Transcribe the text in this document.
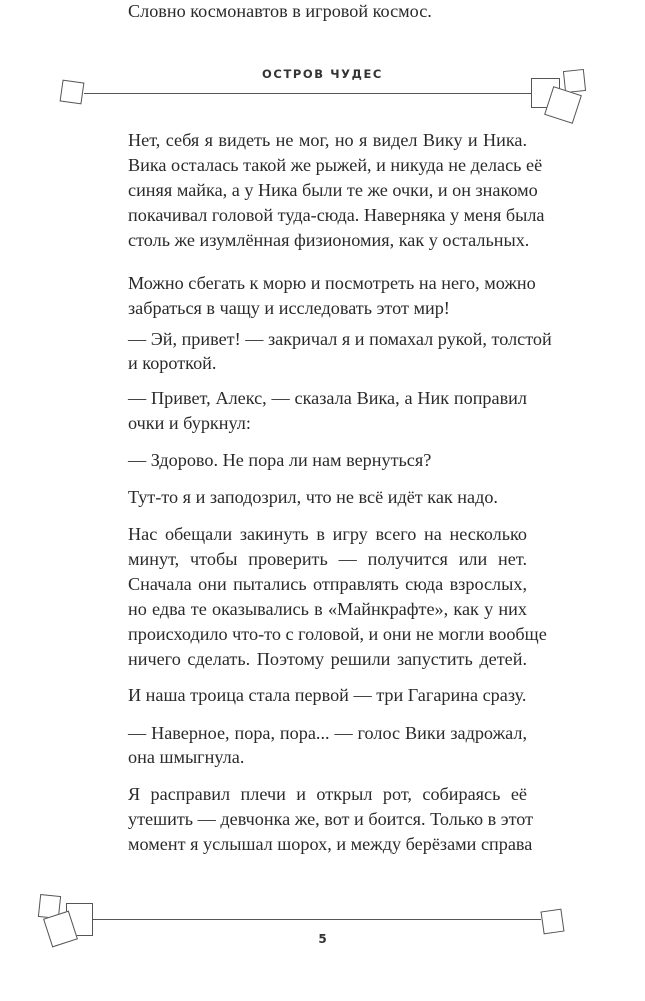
ОСТРОВ ЧУДЕС
Нет, себя я видеть не мог, но я видел Вику и Ника.
Вика осталась такой же рыжей, и никуда не делась её
синяя майка, а у Ника были те же очки, и он знакомо
покачивал головой туда-сюда. Наверняка у меня была
столь же изумлённая физиономия, как у остальных.
Можно сбегать к морю и посмотреть на него, можно
забраться в чащу и исследовать этот мир!
— Эй, привет! — закричал я и помахал рукой, толстой
и короткой.
— Привет, Алекс, — сказала Вика, а Ник поправил
очки и буркнул:
— Здорово. Не пора ли нам вернуться?
Тут-то я и заподозрил, что не всё идёт как надо.
Нас обещали закинуть в игру всего на несколько
минут, чтобы проверить — получится или нет.
Сначала они пытались отправлять сюда взрослых,
но едва те оказывались в «Майнкрафте», как у них
происходило что-то с головой, и они не могли вообще
ничего сделать. Поэтому решили запустить детей.
Словно космонавтов в игровой космос.
И наша троица стала первой — три Гагарина сразу.
— Наверное, пора, пора... — голос Вики задрожал,
она шмыгнула.
Я расправил плечи и открыл рот, собираясь её
утешить — девчонка же, вот и боится. Только в этот
момент я услышал шорох, и между берёзами справа
5
